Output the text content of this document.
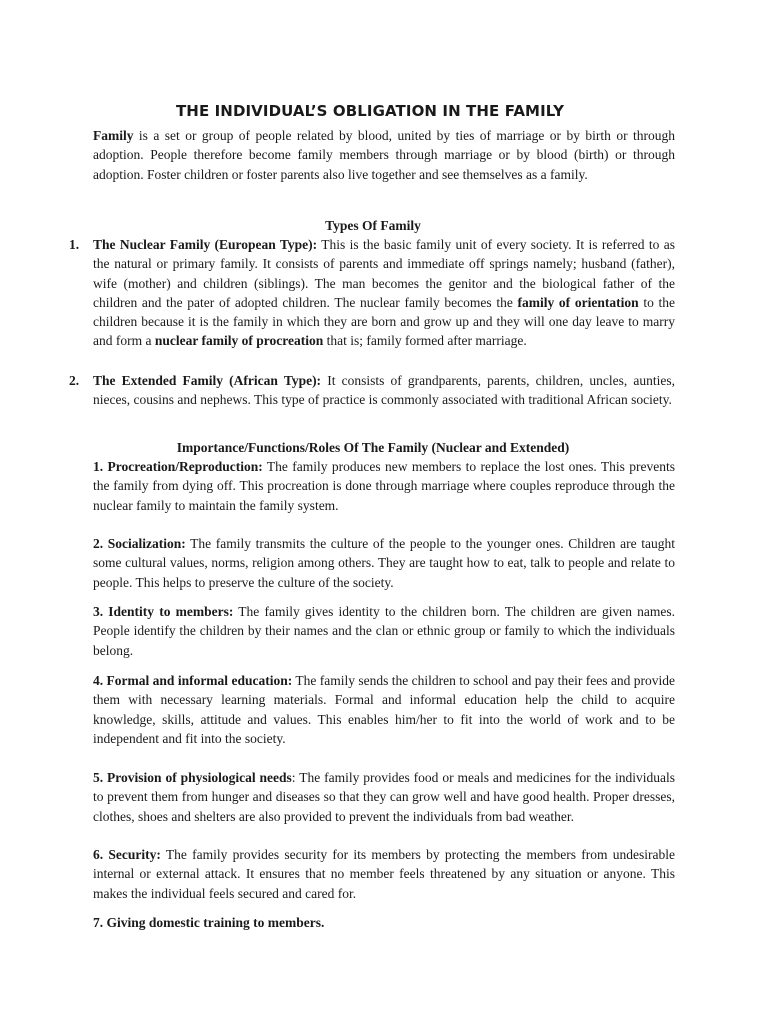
THE INDIVIDUAL’S OBLIGATION IN THE FAMILY
Family is a set or group of people related by blood, united by ties of marriage or by birth or through adoption. People therefore become family members through marriage or by blood (birth) or through adoption. Foster children or foster parents also live together and see themselves as a family.
Types Of Family
1. The Nuclear Family (European Type): This is the basic family unit of every society. It is referred to as the natural or primary family. It consists of parents and immediate off springs namely; husband (father), wife (mother) and children (siblings). The man becomes the genitor and the biological father of the children and the pater of adopted children. The nuclear family becomes the family of orientation to the children because it is the family in which they are born and grow up and they will one day leave to marry and form a nuclear family of procreation that is; family formed after marriage.
2. The Extended Family (African Type): It consists of grandparents, parents, children, uncles, aunties, nieces, cousins and nephews. This type of practice is commonly associated with traditional African society.
Importance/Functions/Roles Of The Family (Nuclear and Extended)
1. Procreation/Reproduction: The family produces new members to replace the lost ones. This prevents the family from dying off. This procreation is done through marriage where couples reproduce through the nuclear family to maintain the family system.
2. Socialization: The family transmits the culture of the people to the younger ones. Children are taught some cultural values, norms, religion among others. They are taught how to eat, talk to people and relate to people. This helps to preserve the culture of the society.
3. Identity to members: The family gives identity to the children born. The children are given names. People identify the children by their names and the clan or ethnic group or family to which the individuals belong.
4. Formal and informal education: The family sends the children to school and pay their fees and provide them with necessary learning materials. Formal and informal education help the child to acquire knowledge, skills, attitude and values. This enables him/her to fit into the world of work and to be independent and fit into the society.
5. Provision of physiological needs: The family provides food or meals and medicines for the individuals to prevent them from hunger and diseases so that they can grow well and have good health. Proper dresses, clothes, shoes and shelters are also provided to prevent the individuals from bad weather.
6. Security: The family provides security for its members by protecting the members from undesirable internal or external attack. It ensures that no member feels threatened by any situation or anyone. This makes the individual feels secured and cared for.
7. Giving domestic training to members.
